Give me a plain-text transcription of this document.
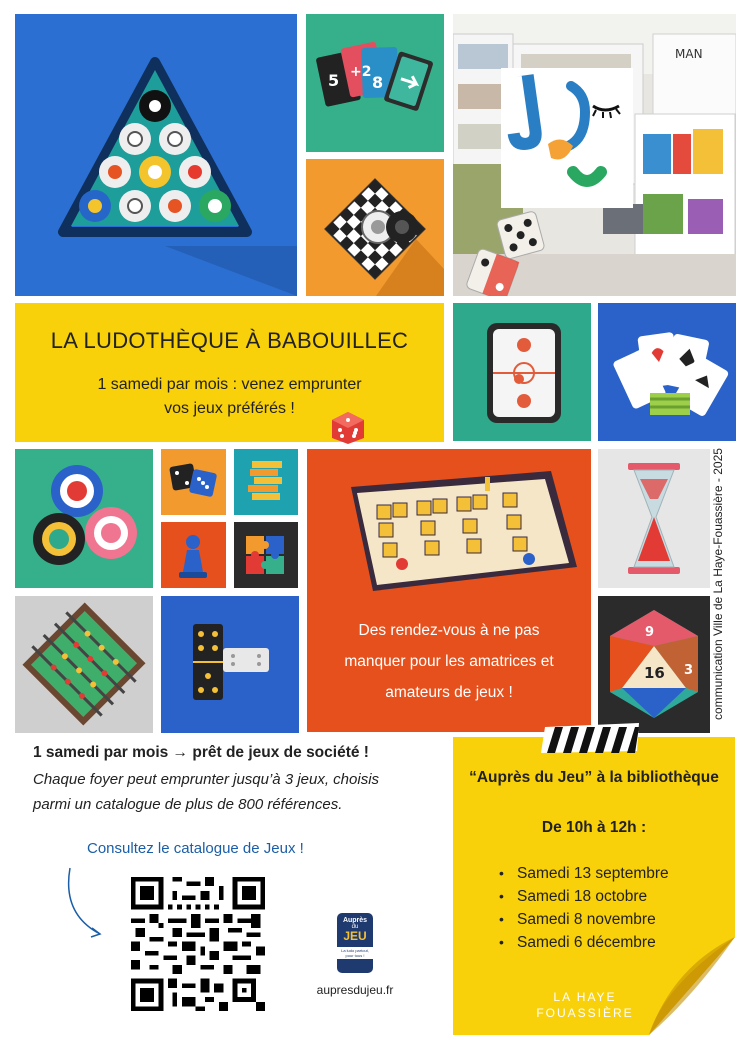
5 +2
8
MAN
LA LUDOTHÈQUE À BABOUILLEC
1 samedi par mois : venez emprunter
vos jeux préférés !
Des rendez-vous à ne pas
manquer pour les amatrices et
amateurs de jeux !
9
16 3 communication Ville de La Haye-Fouassière - 2025
1 samedi par mois → prêt de jeux de société !
Chaque foyer peut emprunter jusqu’à 3 jeux, choisis
parmi un catalogue de plus de 800 références.
Consultez le catalogue de Jeux !
Auprès
du
JEU
La ludo partout,
pour tous !
aupresdujeu.fr
“Auprès du Jeu” à la bibliothèque
De 10h à 12h :
• Samedi 13 septembre
• Samedi 18 octobre
• Samedi 8 novembre
• Samedi 6 décembre
LA HAYE
FOUASSIÈRE
